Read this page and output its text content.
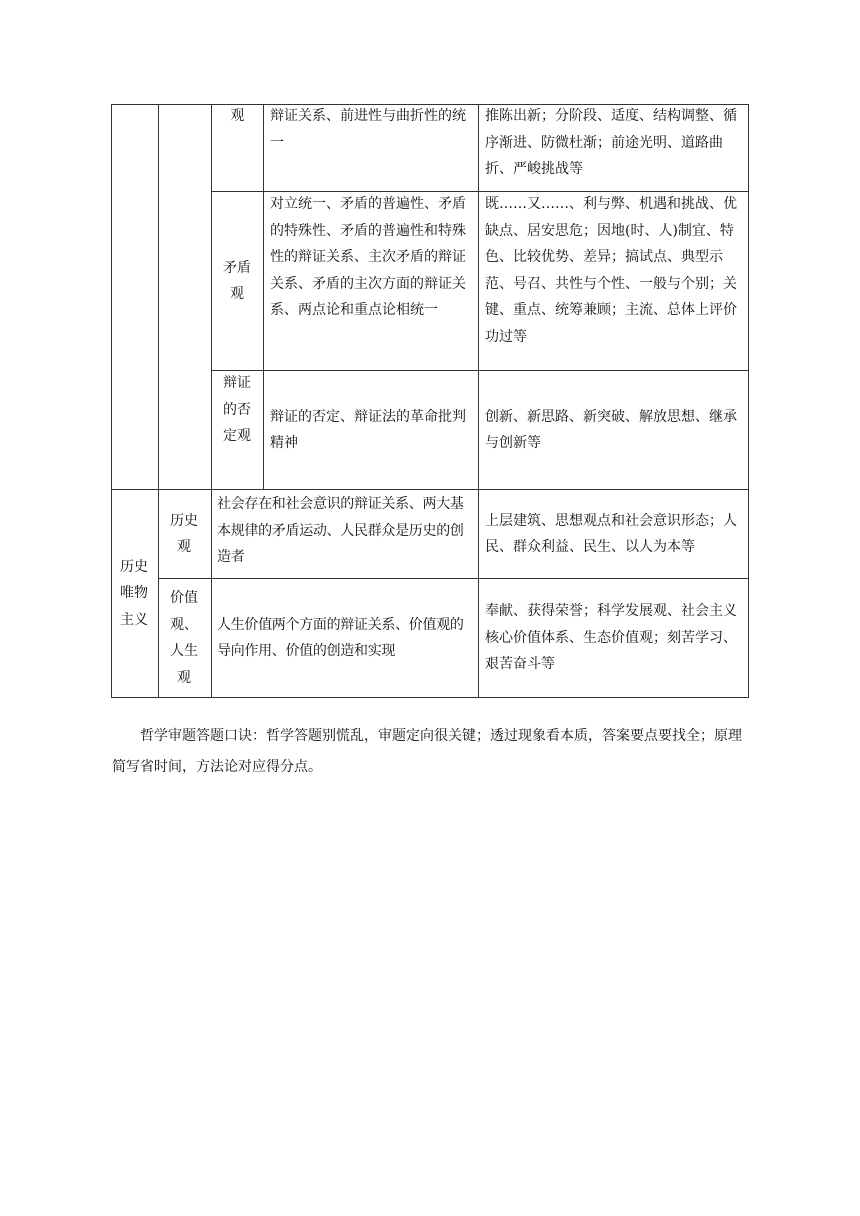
观	辩证关系、前进性与曲折性的统一
推陈出新；分阶段、适度、结构调整、循序渐进、防微杜渐；前途光明、道路曲折、严峻挑战等
矛盾观
对立统一、矛盾的普遍性、矛盾的特殊性、矛盾的普遍性和特殊性的辩证关系、主次矛盾的辩证关系、矛盾的主次方面的辩证关系、两点论和重点论相统一
既……又……、利与弊、机遇和挑战、优缺点、居安思危；因地(时、人)制宜、特色、比较优势、差异；搞试点、典型示范、号召、共性与个性、一般与个别；关键、重点、统筹兼顾；主流、总体上评价功过等
辩证的否定观
辩证的否定、辩证法的革命批判精神
创新、新思路、新突破、解放思想、继承与创新等
历史唯物主义
历史观
社会存在和社会意识的辩证关系、两大基本规律的矛盾运动、人民群众是历史的创造者
上层建筑、思想观点和社会意识形态；人民、群众利益、民生、以人为本等
价值观、人生观
人生价值两个方面的辩证关系、价值观的导向作用、价值的创造和实现
奉献、获得荣誉；科学发展观、社会主义核心价值体系、生态价值观；刻苦学习、艰苦奋斗等
哲学审题答题口诀：哲学答题别慌乱，审题定向很关键；透过现象看本质，答案要点要找全；原理简写省时间，方法论对应得分点。
